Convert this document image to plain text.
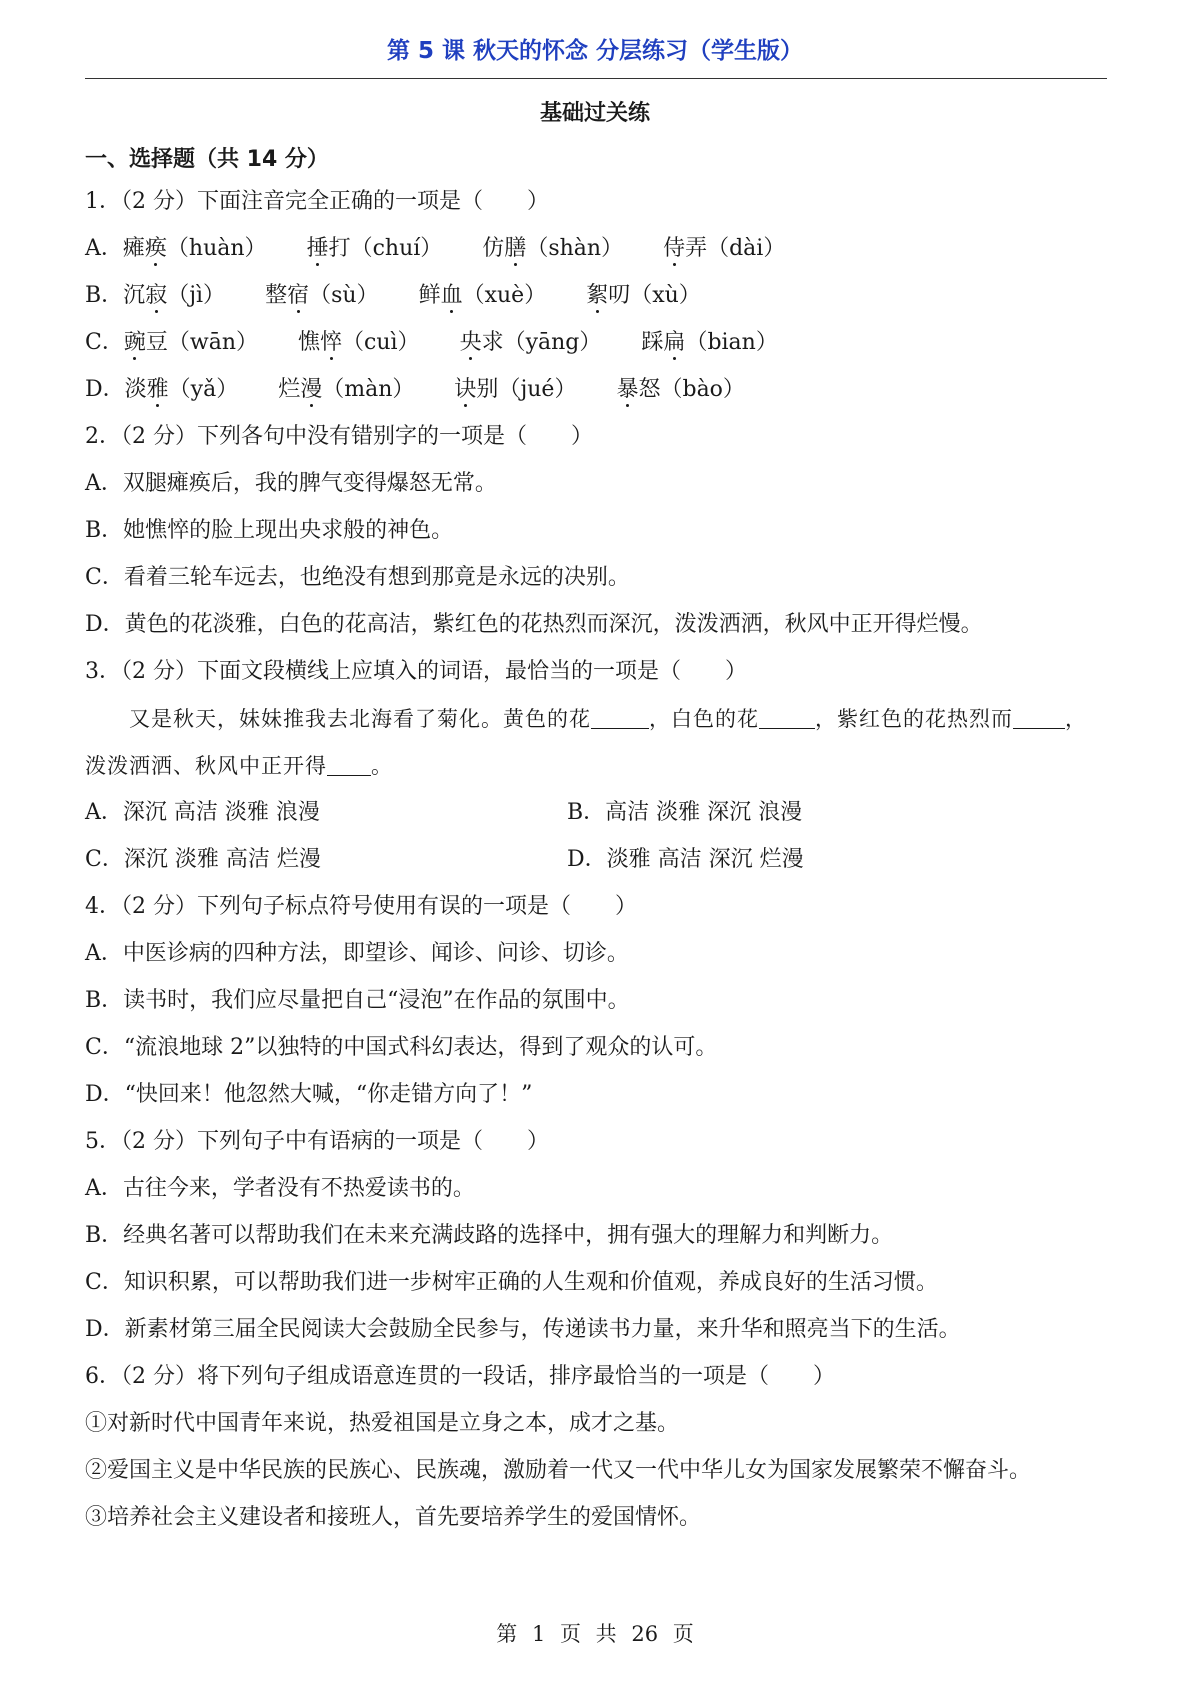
第 5 课 秋天的怀念 分层练习（学生版）
基础过关练
一、选择题（共 14 分）
1．（2 分）下面注音完全正确的一项是（　　）
A．瘫痪（huàn） 捶打（chuí） 仿膳（shàn） 侍弄（dài）
B．沉寂（jì） 整宿（sù） 鲜血（xuè） 絮叨（xù）
C．豌豆（wān） 憔悴（cuì） 央求（yāng） 踩扁（bian）
D．淡雅（yǎ） 烂漫（màn） 诀别（jué） 暴怒（bào）
2．（2 分）下列各句中没有错别字的一项是（　　）
A．双腿瘫痪后，我的脾气变得爆怒无常。
B．她憔悴的脸上现出央求般的神色。
C．看着三轮车远去，也绝没有想到那竟是永远的决别。
D．黄色的花淡雅，白色的花高洁，紫红色的花热烈而深沉，泼泼洒洒，秋风中正开得烂慢。
3．（2 分）下面文段横线上应填入的词语，最恰当的一项是（　　）
又是秋天，妹妹推我去北海看了菊化。黄色的花	，白色的花	，紫红色的花热烈而 ，
泼泼洒洒、秋风中正开得 。
A．深沉 高洁 淡雅 浪漫	B．高洁 淡雅 深沉 浪漫
C．深沉 淡雅 高洁 烂漫	D．淡雅 高洁 深沉 烂漫
4．（2 分）下列句子标点符号使用有误的一项是（　　）
A．中医诊病的四种方法，即望诊、闻诊、问诊、切诊。
B．读书时，我们应尽量把自己“浸泡”在作品的氛围中。
C．“流浪地球 2”以独特的中国式科幻表达，得到了观众的认可。
D．“快回来！他忽然大喊，“你走错方向了！”
5．（2 分）下列句子中有语病的一项是（　　）
A．古往今来，学者没有不热爱读书的。
B．经典名著可以帮助我们在未来充满歧路的选择中，拥有强大的理解力和判断力。
C．知识积累，可以帮助我们进一步树牢正确的人生观和价值观，养成良好的生活习惯。
D．新素材第三届全民阅读大会鼓励全民参与，传递读书力量，来升华和照亮当下的生活。
6．（2 分）将下列句子组成语意连贯的一段话，排序最恰当的一项是（　　）
①对新时代中国青年来说，热爱祖国是立身之本，成才之基。
②爱国主义是中华民族的民族心、民族魂，激励着一代又一代中华儿女为国家发展繁荣不懈奋斗。
③培养社会主义建设者和接班人，首先要培养学生的爱国情怀。
第 1 页 共 26 页
